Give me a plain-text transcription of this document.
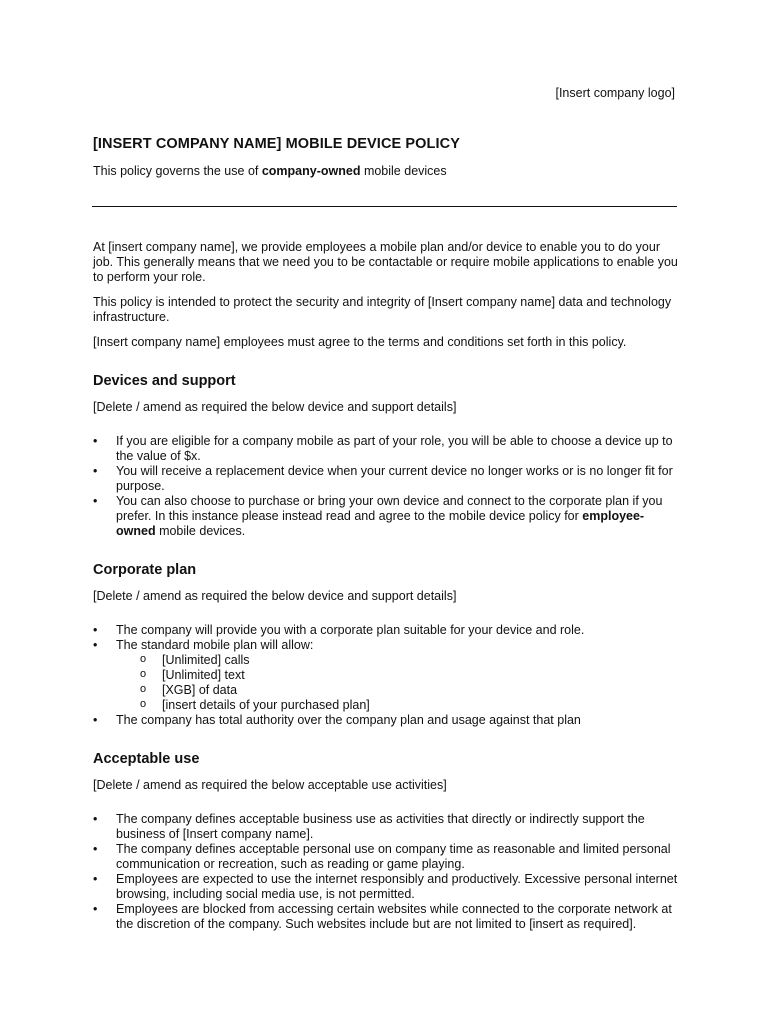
[Insert company logo]
[INSERT COMPANY NAME] MOBILE DEVICE POLICY

This policy governs the use of company-owned mobile devices

At [insert company name], we provide employees a mobile plan and/or device to enable you to do your job. This generally means that we need you to be contactable or require mobile applications to enable you to perform your role.

This policy is intended to protect the security and integrity of [Insert company name] data and technology infrastructure.

[Insert company name] employees must agree to the terms and conditions set forth in this policy.

Devices and support

[Delete / amend as required the below device and support details]

• If you are eligible for a company mobile as part of your role, you will be able to choose a device up to the value of $x.
• You will receive a replacement device when your current device no longer works or is no longer fit for purpose.
• You can also choose to purchase or bring your own device and connect to the corporate plan if you prefer. In this instance please instead read and agree to the mobile device policy for employee-owned mobile devices.
Corporate plan

[Delete / amend as required the below device and support details]

• The company will provide you with a corporate plan suitable for your device and role.
• The standard mobile plan will allow:
o [Unlimited] calls
o [Unlimited] text
o [XGB] of data
o [insert details of your purchased plan]
• The company has total authority over the company plan and usage against that plan
Acceptable use

[Delete / amend as required the below acceptable use activities]

• The company defines acceptable business use as activities that directly or indirectly support the business of [Insert company name].
• The company defines acceptable personal use on company time as reasonable and limited personal communication or recreation, such as reading or game playing.
• Employees are expected to use the internet responsibly and productively. Excessive personal internet browsing, including social media use, is not permitted.
• Employees are blocked from accessing certain websites while connected to the corporate network at the discretion of the company. Such websites include but are not limited to [insert as required].
